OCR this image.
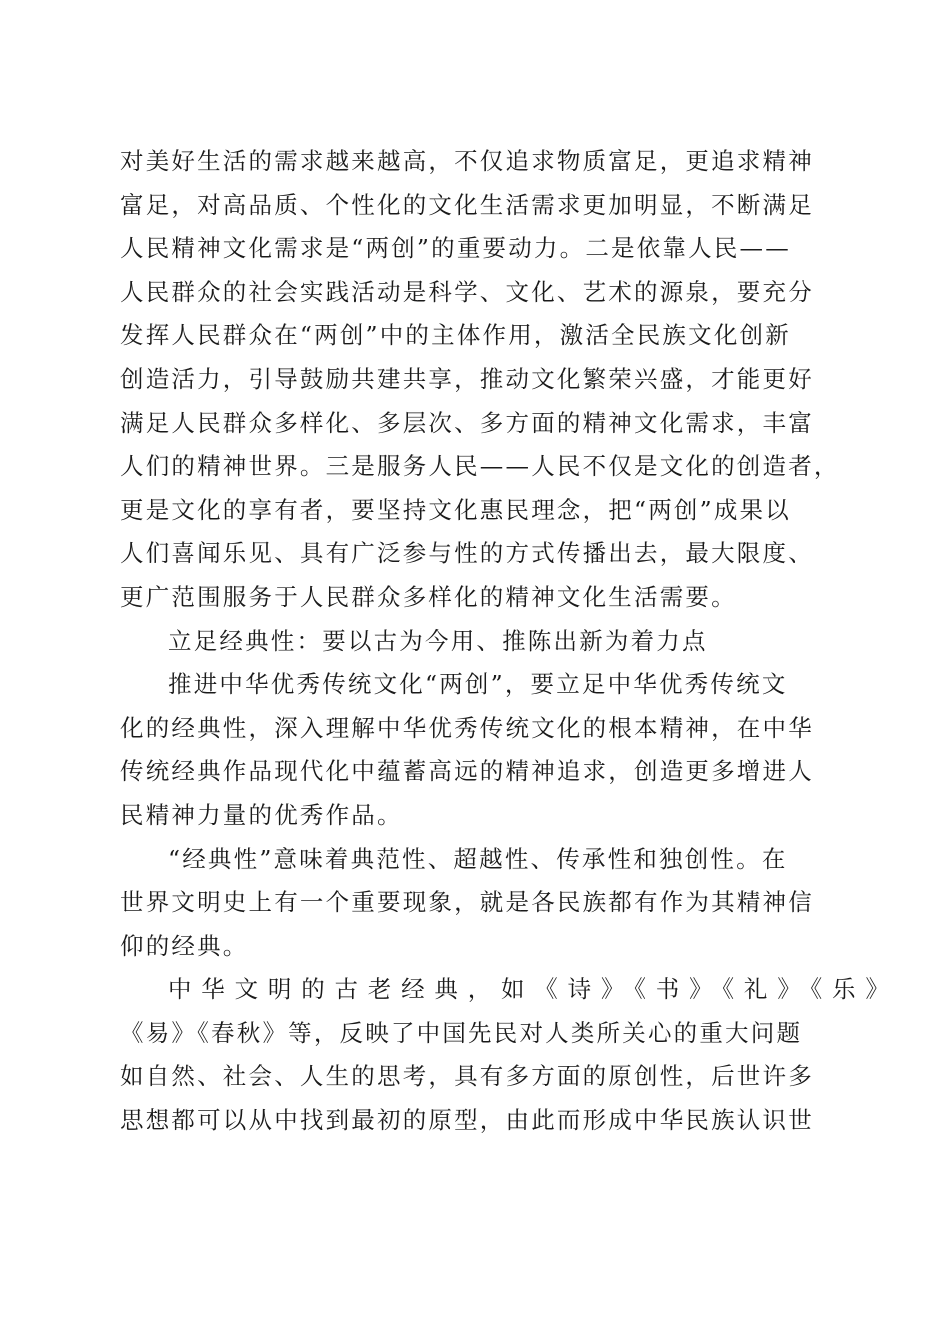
对美好生活的需求越来越高，不仅追求物质富足，更追求精神
富足，对高品质、个性化的文化生活需求更加明显，不断满足
人民精神文化需求是“两创”的重要动力。二是依靠人民——
人民群众的社会实践活动是科学、文化、艺术的源泉，要充分
发挥人民群众在“两创”中的主体作用，激活全民族文化创新
创造活力，引导鼓励共建共享，推动文化繁荣兴盛，才能更好
满足人民群众多样化、多层次、多方面的精神文化需求，丰富
人们的精神世界。三是服务人民——人民不仅是文化的创造者，
更是文化的享有者，要坚持文化惠民理念，把“两创”成果以
人们喜闻乐见、具有广泛参与性的方式传播出去，最大限度、
更广范围服务于人民群众多样化的精神文化生活需要。
立足经典性：要以古为今用、推陈出新为着力点
推进中华优秀传统文化“两创”，要立足中华优秀传统文
化的经典性，深入理解中华优秀传统文化的根本精神，在中华
传统经典作品现代化中蕴蓄高远的精神追求，创造更多增进人
民精神力量的优秀作品。
“经典性”意味着典范性、超越性、传承性和独创性。在
世界文明史上有一个重要现象，就是各民族都有作为其精神信
仰的经典。
中华文明的古老经典，如《诗》《书》《礼》《乐》
《易》《春秋》等，反映了中国先民对人类所关心的重大问题
如自然、社会、人生的思考，具有多方面的原创性，后世许多
思想都可以从中找到最初的原型，由此而形成中华民族认识世
